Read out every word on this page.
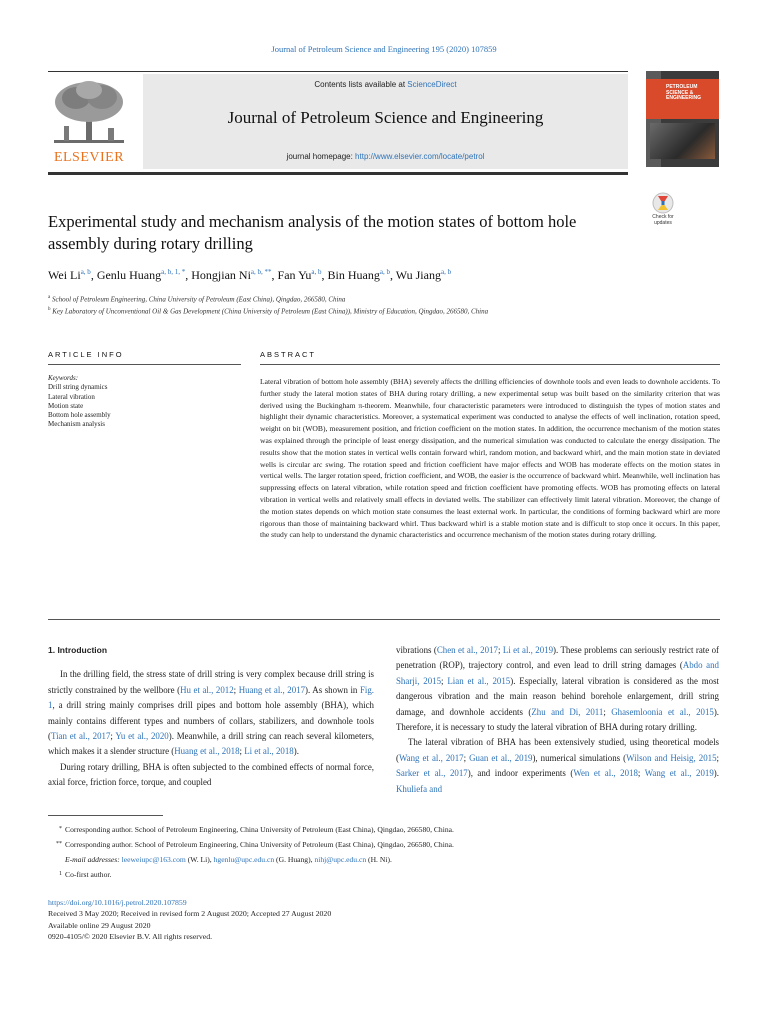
Journal of Petroleum Science and Engineering 195 (2020) 107859
ELSEVIER
Contents lists available at ScienceDirect
Journal of Petroleum Science and Engineering
journal homepage: http://www.elsevier.com/locate/petrol
PETROLEUM SCIENCE & ENGINEERING
Experimental study and mechanism analysis of the motion states of bottom hole assembly during rotary drilling
Check for updates
Wei Li$^{a, b}$, Genlu Huang$^{a, b, 1, *}$, Hongjian $Ni^{a, b, **}$, Fan Yu$^{a, b}$, Bin Huang$^{a, b}$, Wu Jiang$^{a, b}$
$^a$ School of Petroleum Engineering, China University of Petroleum (East China), Qingdao, 266580, China
$^b$ Key Laboratory of Unconventional Oil & Gas Development (China University of Petroleum (East China)), Ministry of Education, Qingdao, 266580, China
ARTICLE INFO
Keywords:
Drill string dynamics
Lateral vibration
Motion state
Bottom hole assembly
Mechanism analysis
ABSTRACT
Lateral vibration of bottom hole assembly (BHA) severely affects the drilling efficiencies of downhole tools and even leads to downhole accidents. To further study the lateral motion states of BHA during rotary drilling, a new experimental setup was built based on the similarity criterion that was derived using the Buckingham π-theorem. Meanwhile, four characteristic parameters were introduced to distinguish the types of motion states and highlight their dynamic characteristics. Moreover, a systematical experiment was conducted to analyse the effects of well inclination, rotation speed, weight on bit (WOB), measurement position, and friction coefficient on the motion states. In addition, the occurrence mechanism of the motion states was explained through the principle of least energy dissipation, and the numerical simulation was conducted to calculate the energy dissipation. The results show that the motion states in vertical wells contain forward whirl, random motion, and backward whirl, and the main motion state in deviated wells is circular arc swing. The rotation speed and friction coefficient have major effects and WOB has moderate effects on the motion states in vertical wells. The larger rotation speed, friction coefficient, and WOB, the easier is the occurrence of backward whirl. Meanwhile, well inclination has suppressing effects on lateral vibration, while rotation speed and friction coefficient have promoting effects. WOB has promoting effects on lateral vibration in vertical wells and relatively small effects in deviated wells. The stabilizer can effectively limit lateral vibration. Moreover, the change of the motion states depends on which motion state consumes the least external work. In particular, the conditions of forming backward whirl are more rigorous than those of maintaining backward whirl. Thus backward whirl is a stable motion state and is difficult to stop once it occurs. In this paper, the study can help to understand the dynamic characteristics and occurrence mechanism of the motion states during rotary drilling.

1. Introduction

In the drilling field, the stress state of drill string is very complex because drill string is strictly constrained by the wellbore (Hu et al., 2012; Huang et al., 2017). As shown in Fig. 1, a drill string mainly comprises drill pipes and bottom hole assembly (BHA), which mainly contains different types and numbers of collars, stabilizers, and downhole tools (Tian et al., 2017; Yu et al., 2020). Meanwhile, a drill string can reach several kilometers, which makes it a slender structure (Huang et al., 2018; Li et al., 2018).

During rotary drilling, BHA is often subjected to the combined effects of normal force, axial force, friction force, torque, and coupled

vibrations (Chen et al., 2017; Li et al., 2019). These problems can seriously restrict rate of penetration (ROP), trajectory control, and even lead to drill string damages (Abdo and Sharji, 2015; Lian et al., 2015). Especially, lateral vibration is considered as the most dangerous vibration and the main reason behind borehole enlargement, drill string damage, and downhole accidents (Zhu and Di, 2011; Ghasemloonia et al., 2015). Therefore, it is necessary to study the lateral vibration of BHA during rotary drilling.

The lateral vibration of BHA has been extensively studied, using theoretical models (Wang et al., 2017; Guan et al., 2019), numerical simulations (Wilson and Heisig, 2015; Sarker et al., 2017), and indoor experiments (Wen et al., 2018; Wang et al., 2019). Khuliefa and

* Corresponding author. School of Petroleum Engineering, China University of Petroleum (East China), Qingdao, 266580, China.
** Corresponding author. School of Petroleum Engineering, China University of Petroleum (East China), Qingdao, 266580, China.
E-mail addresses: leeweiupc@163.com (W. Li), hgenlu@upc.edu.cn (G. Huang), nihj@upc.edu.cn (H. Ni).
1 Co-first author.
https://doi.org/10.1016/j.petrol.2020.107859
Received 3 May 2020; Received in revised form 2 August 2020; Accepted 27 August 2020
Available online 29 August 2020
0920-4105/© 2020 Elsevier B.V. All rights reserved.
